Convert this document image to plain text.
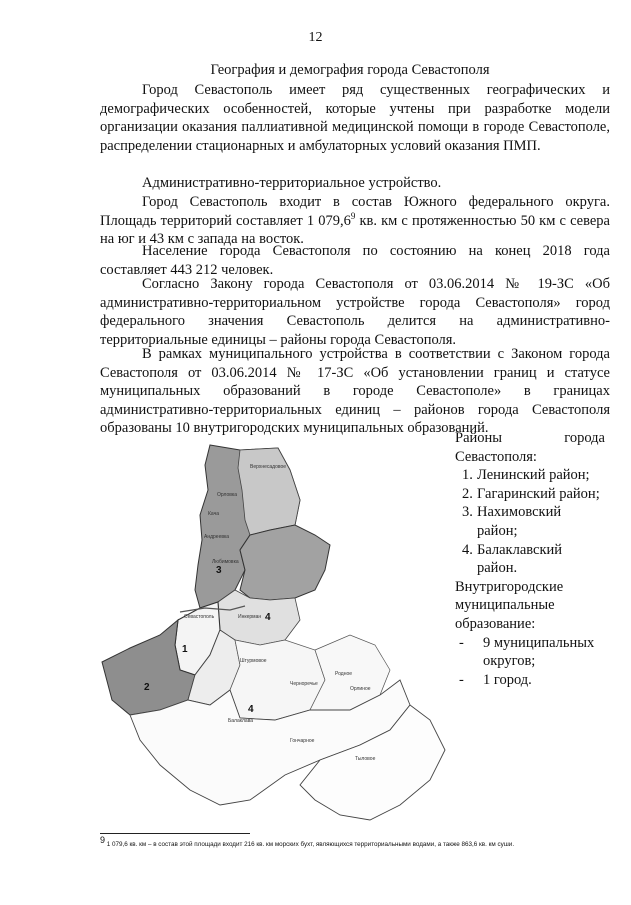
12
География и демография города Севастополя

Город Севастополь имеет ряд существенных географических и демографических особенностей, которые учтены при разработке модели организации оказания паллиативной медицинской помощи в городе Севастополе, распределении стационарных и амбулаторных условий оказания ПМП.

Административно-территориальное устройство.

Город Севастополь входит в состав Южного федерального округа. Площадь территорий составляет 1 079,6$^9$ кв. км с протяженностью 50 км с севера на юг и 43 км с запада на восток.

Население города Севастополя по состоянию на конец 2018 года составляет 443 212 человек.

Согласно Закону города Севастополя от 03.06.2014 № 19-ЗС «Об административно-территориальном устройстве города Севастополя» город федерального значения Севастополь делится на административно-территориальные единицы – районы города Севастополя.

В рамках муниципального устройства в соответствии с Законом города Севастополя от 03.06.2014 № 17-ЗС «Об установлении границ и статусе муниципальных образований в городе Севастополе» в границах административно-территориальных единиц – районов города Севастополя образованы 10 внутригородских муниципальных образований.

1
2
3
4
4
Верхнесадовое
Орловка
Кача
Андреевка
Любимовка
Севастополь	Инкерман
Штурмовое
Черноречье
Родное
Балаклава
Гончарное
Орлиное
Тыловое
Районы	города
Севастополя:
1. Ленинский район;
2. Гагаринский район;
3. Нахимовский район;
4. Балаклавский район.
Внутригородские муниципальные образование:
-	9 муниципальных округов;
-	1 город.
$^9$ 1 079,6 кв. км – в состав этой площади входит 216 кв. км морских бухт, являющихся территориальными водами, а также 863,6 кв. км суши.
